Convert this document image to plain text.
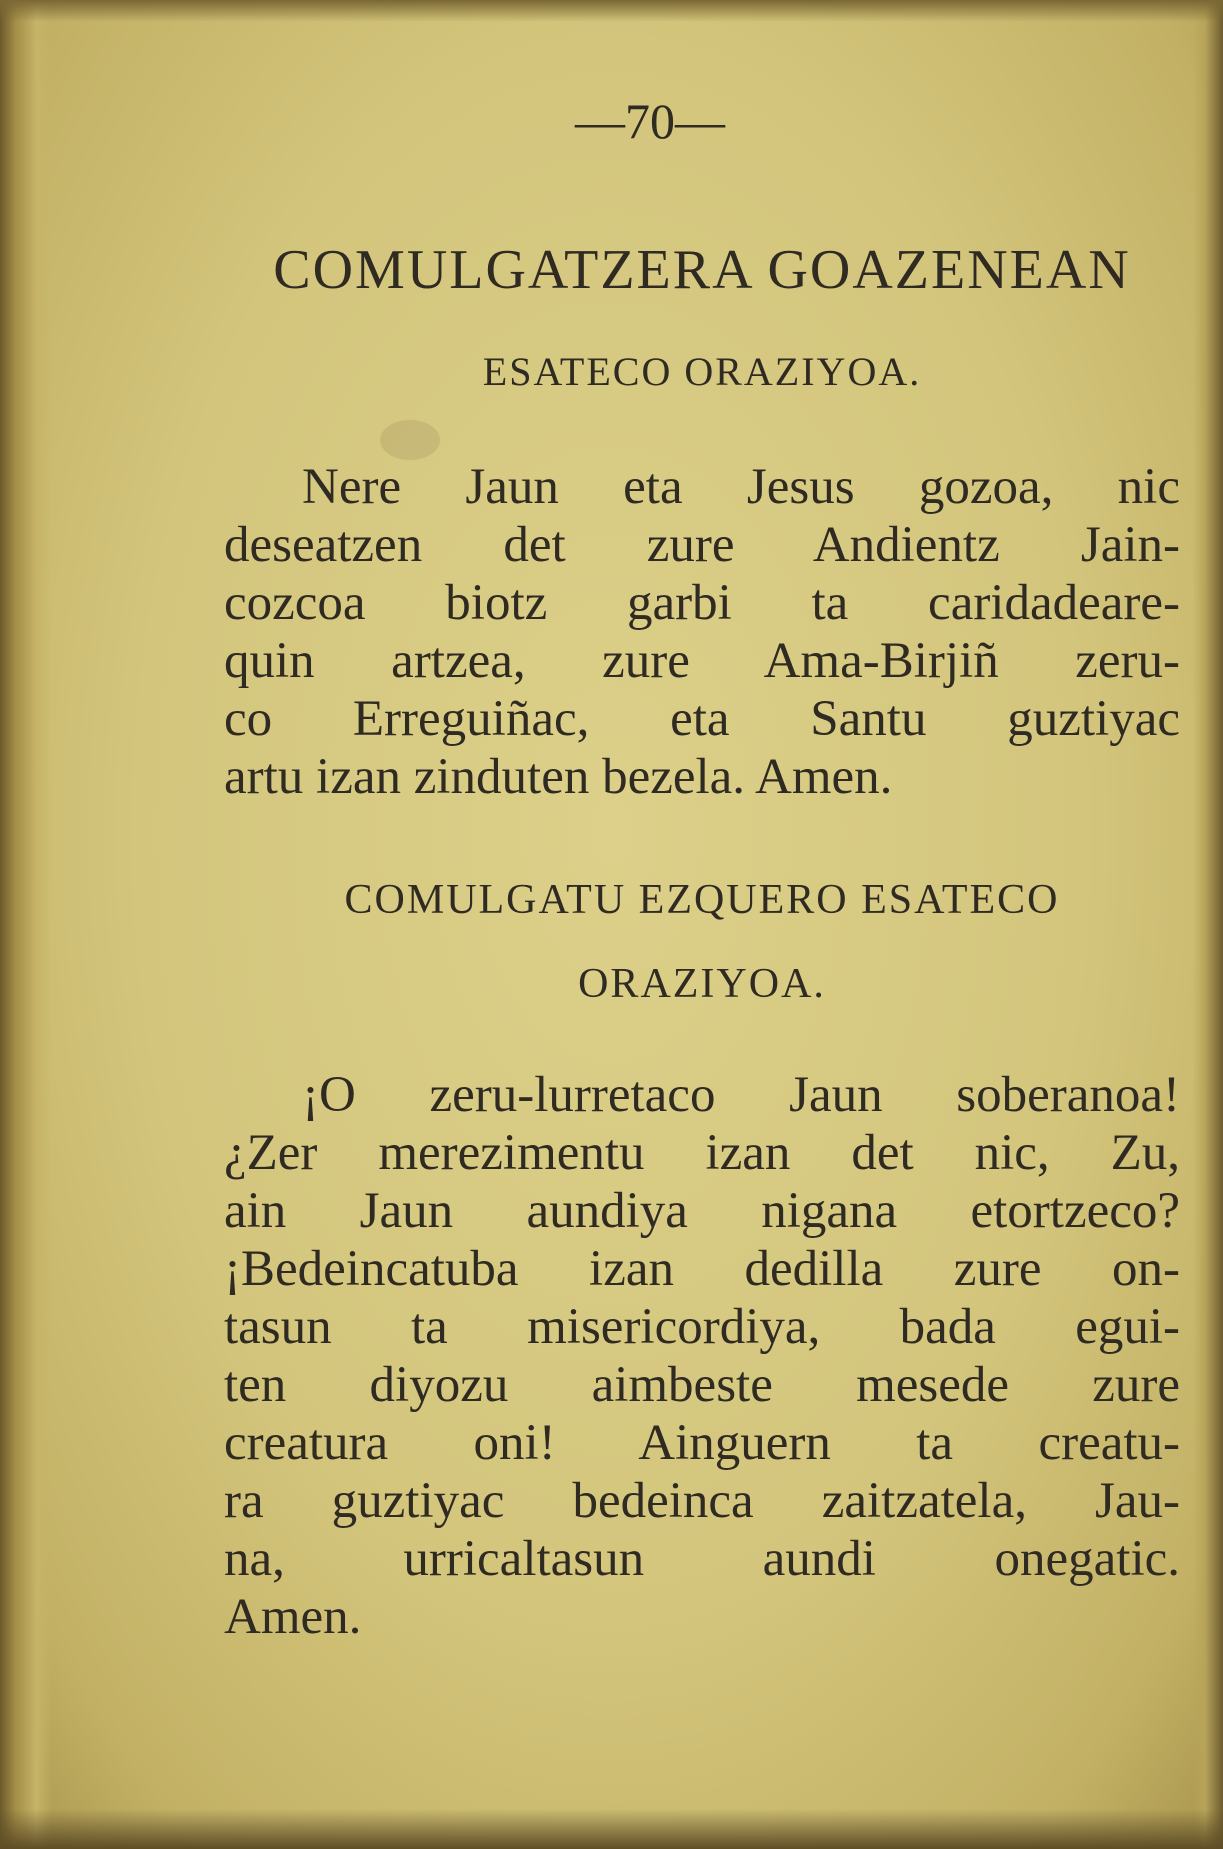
—70—
COMULGATZERA GOAZENEAN
ESATECO ORAZIYOA.
Nere Jaun eta Jesus gozoa, nic
deseatzen det zure Andientz Jain-
cozcoa biotz garbi ta caridadeare-
quin artzea, zure Ama-Birjiñ zeru-
co Erreguiñac, eta Santu guztiyac
artu izan zinduten bezela. Amen.
COMULGATU EZQUERO ESATECO
ORAZIYOA.
¡O zeru-lurretaco Jaun soberanoa!
¿Zer merezimentu izan det nic, Zu,
ain Jaun aundiya nigana etortzeco?
¡Bedeincatuba izan dedilla zure on-
tasun ta misericordiya, bada egui-
ten diyozu aimbeste mesede zure
creatura oni! Ainguern ta creatu-
ra guztiyac bedeinca zaitzatela, Jau-
na, urricaltasun aundi onegatic.
Amen.
